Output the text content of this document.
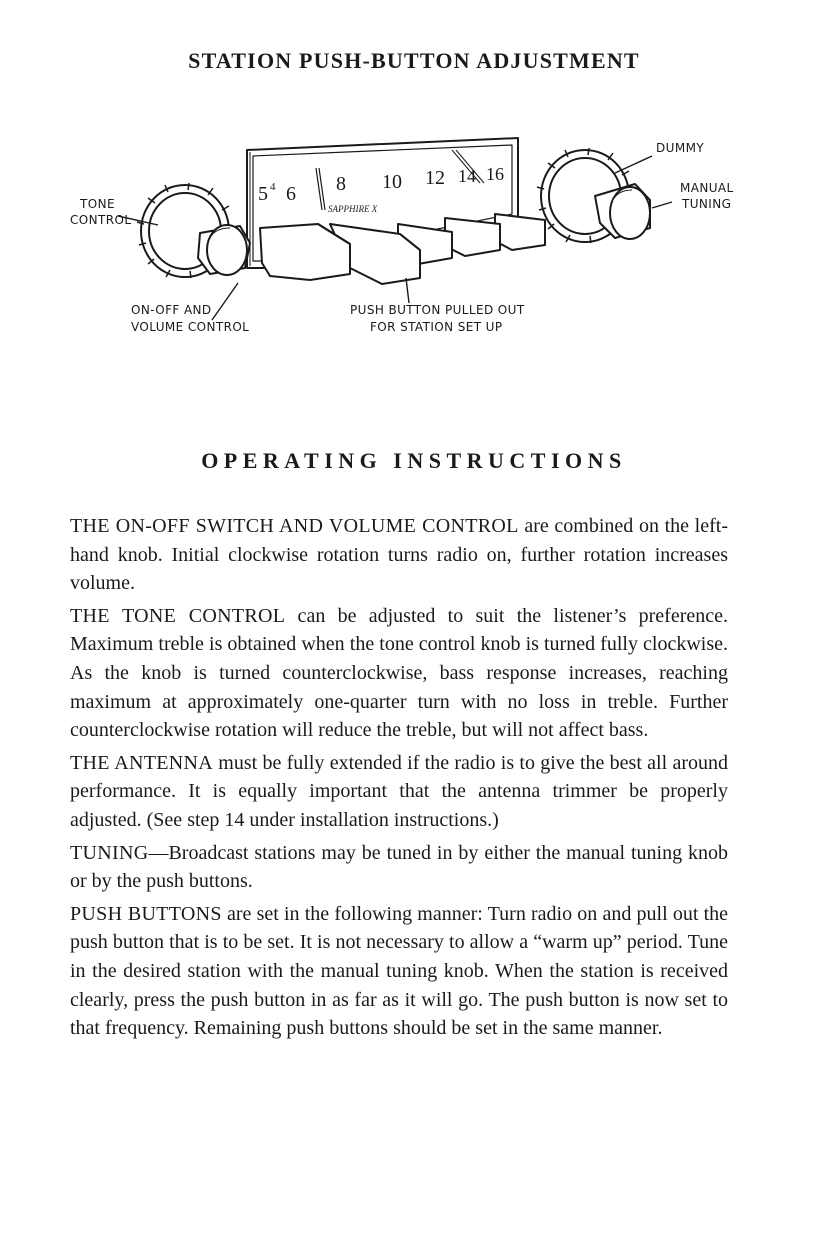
STATION PUSH-BUTTON ADJUSTMENT
5 4 6 8 10 12 14 16
SAPPHIRE X
DUMMY
MANUAL
TUNING
TONE
CONTROL
ON-OFF AND
VOLUME CONTROL
PUSH BUTTON PULLED OUT
FOR STATION SET UP
OPERATING INSTRUCTIONS

THE ON-OFF SWITCH AND VOLUME CONTROL are combined on the left-hand knob. Initial clockwise rotation turns radio on, further rotation increases volume.

THE TONE CONTROL can be adjusted to suit the listener’s preference. Maximum treble is obtained when the tone control knob is turned fully clockwise. As the knob is turned counterclockwise, bass response increases, reaching maximum at approximately one-quarter turn with no loss in treble. Further counterclockwise rotation will reduce the treble, but will not affect bass.

THE ANTENNA must be fully extended if the radio is to give the best all around performance. It is equally important that the antenna trimmer be properly adjusted. (See step 14 under installation instructions.)

TUNING—Broadcast stations may be tuned in by either the manual tuning knob or by the push buttons.

PUSH BUTTONS are set in the following manner: Turn radio on and pull out the push button that is to be set. It is not necessary to allow a “warm up” period. Tune in the desired station with the manual tuning knob. When the station is received clearly, press the push button in as far as it will go. The push button is now set to that frequency. Remaining push buttons should be set in the same manner.
